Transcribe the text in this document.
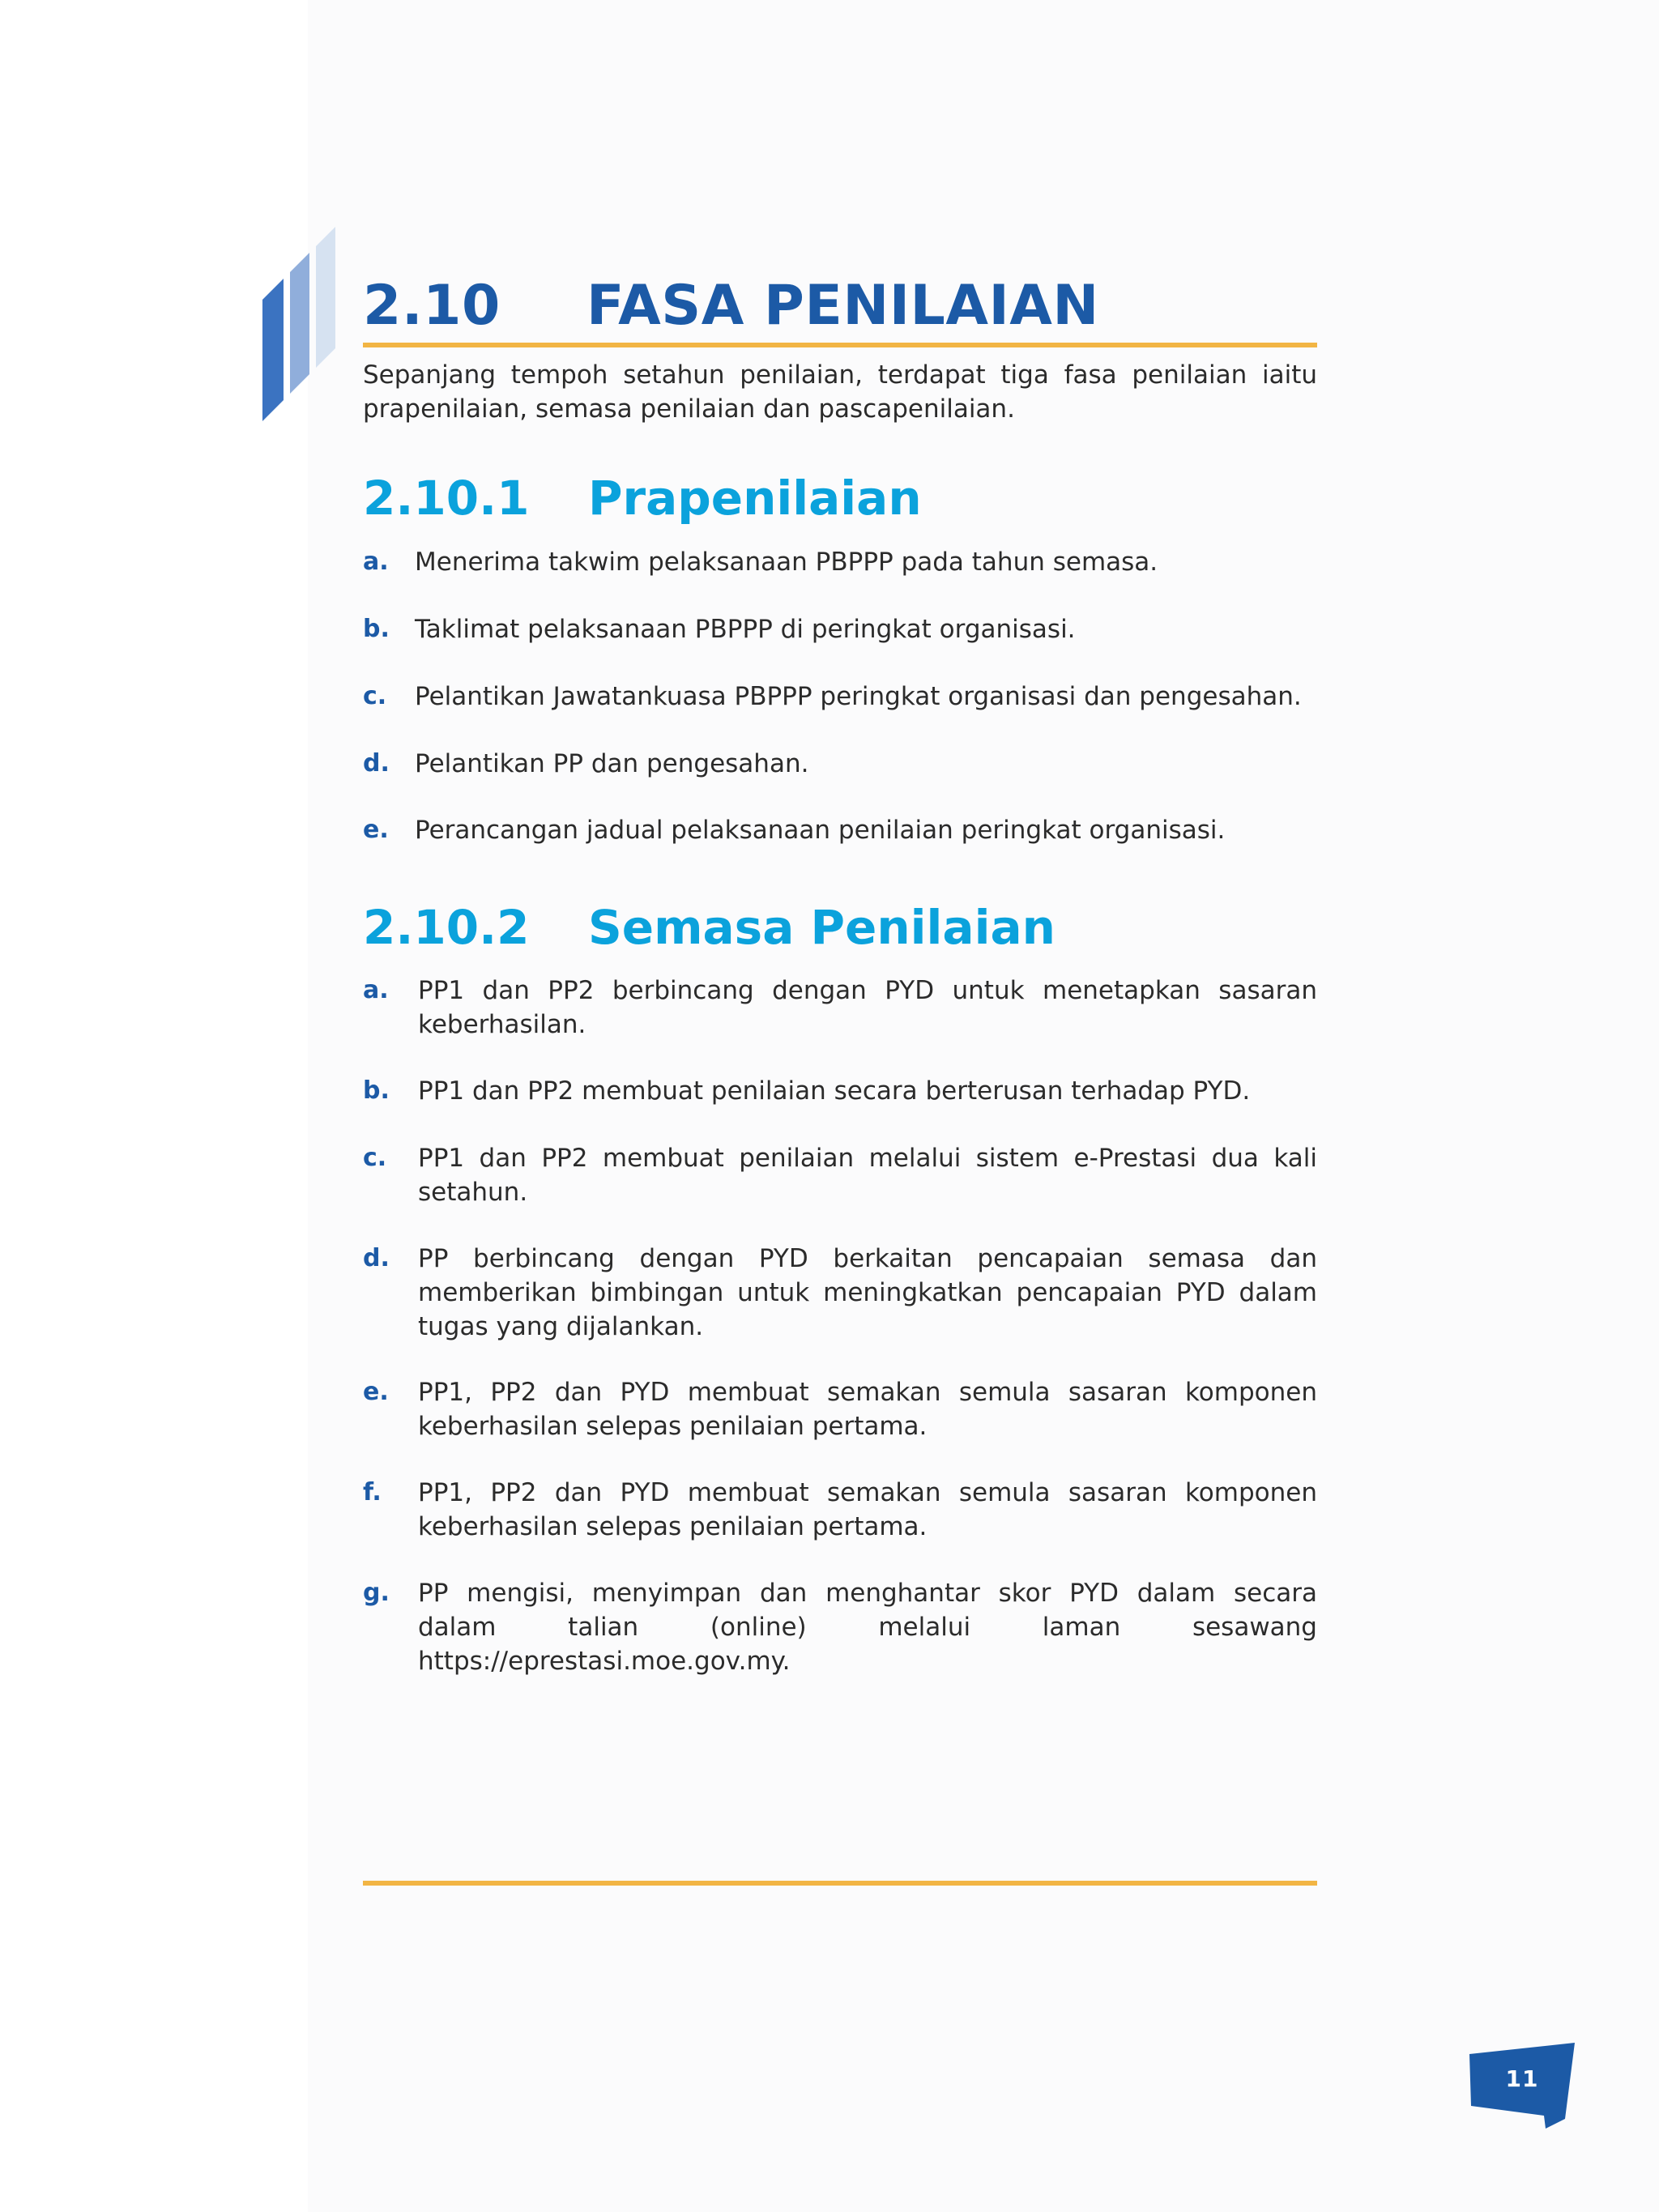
2.10 FASA PENILAIAN
Sepanjang tempoh setahun penilaian, terdapat tiga fasa penilaian iaitu prapenilaian, semasa penilaian dan pascapenilaian.
2.10.1 Prapenilaian
a.	Menerima takwim pelaksanaan PBPPP pada tahun semasa.
b.	Taklimat pelaksanaan PBPPP di peringkat organisasi.
c.	Pelantikan Jawatankuasa PBPPP peringkat organisasi dan pengesahan.
d.	Pelantikan PP dan pengesahan.
e.	Perancangan jadual pelaksanaan penilaian peringkat organisasi.
2.10.2 Semasa Penilaian
a.	PP1 dan PP2 berbincang dengan PYD untuk menetapkan sasaran keberhasilan.
b.	PP1 dan PP2 membuat penilaian secara berterusan terhadap PYD.
c.	PP1 dan PP2 membuat penilaian melalui sistem e-Prestasi dua kali setahun.
d.	PP berbincang dengan PYD berkaitan pencapaian semasa dan memberikan bimbingan untuk meningkatkan pencapaian PYD dalam tugas yang dijalankan.
e.	PP1, PP2 dan PYD membuat semakan semula sasaran komponen keberhasilan selepas penilaian pertama.
f.	PP1, PP2 dan PYD membuat semakan semula sasaran komponen keberhasilan selepas penilaian pertama.
g.	PP mengisi, menyimpan dan menghantar skor PYD dalam secara dalam talian (online) melalui laman sesawang https://eprestasi.moe.gov.my.
11
